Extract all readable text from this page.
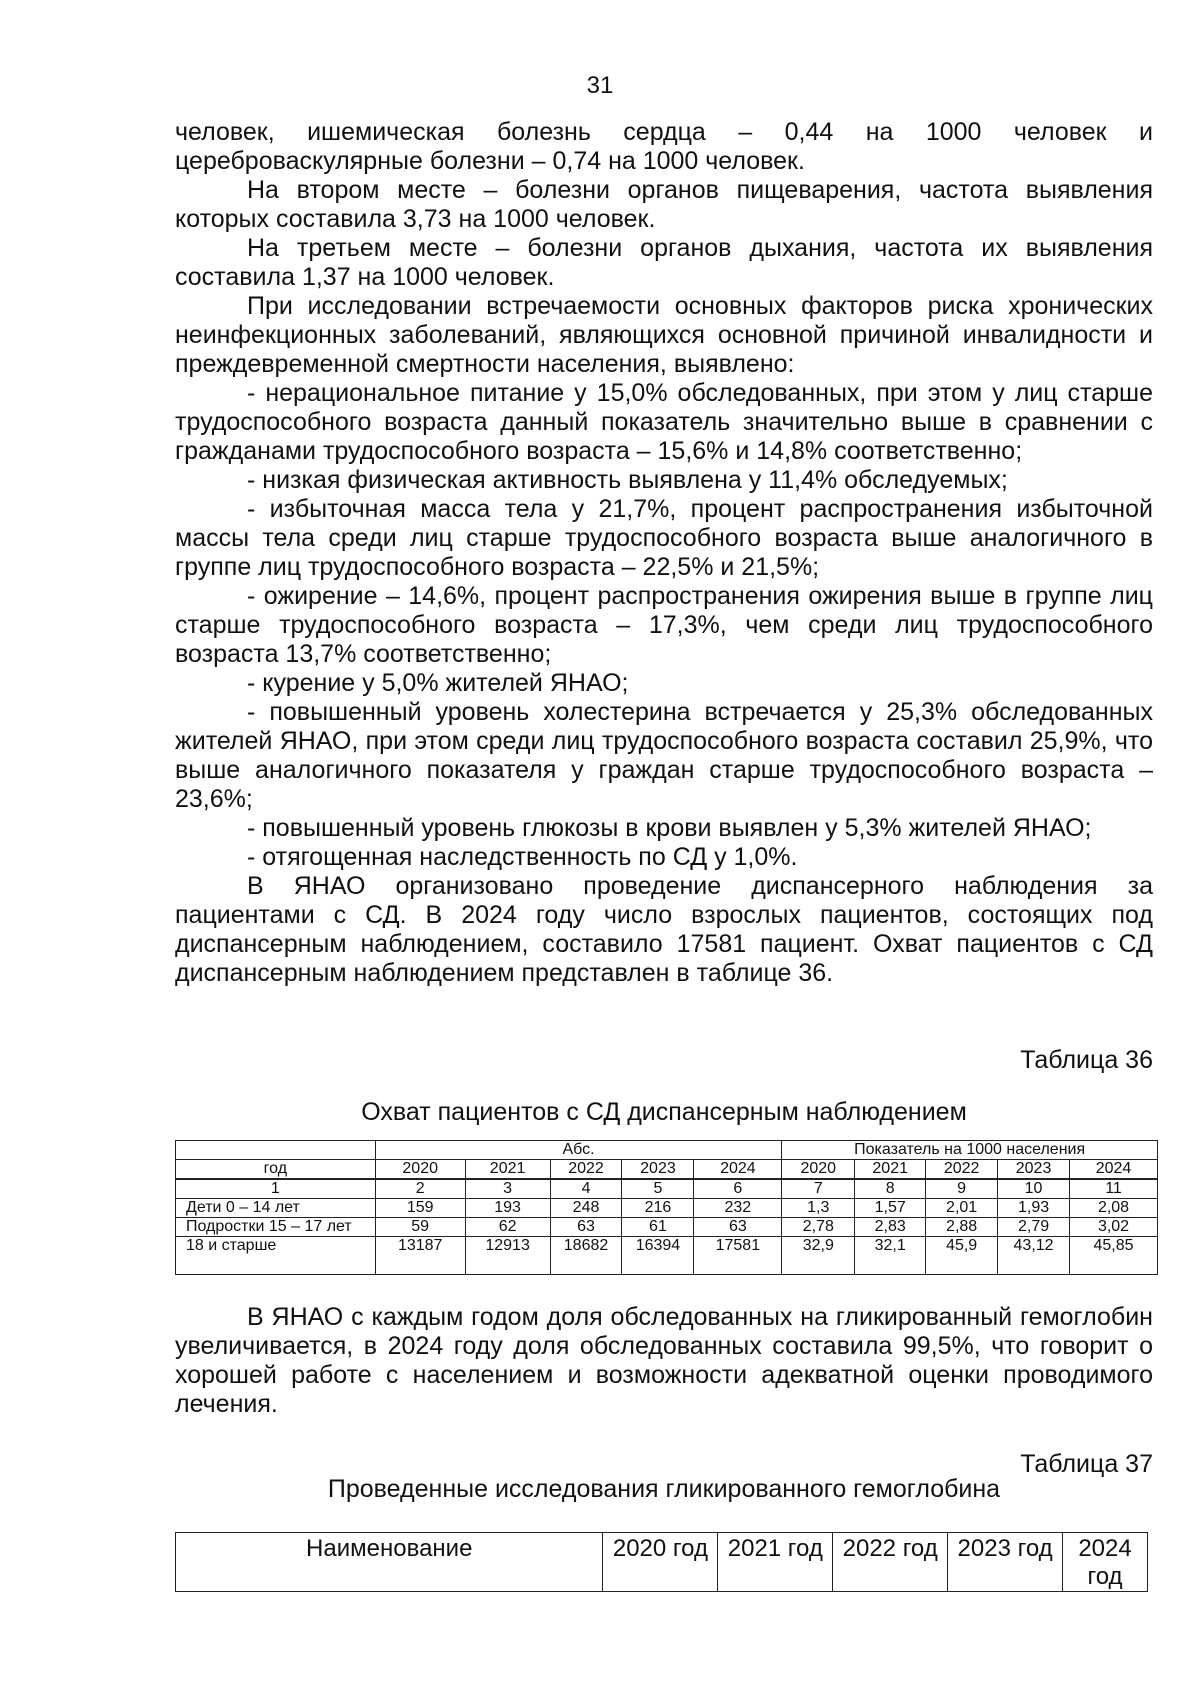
31

человек, ишемическая болезнь сердца – 0,44 на 1000 человек и цереброваскулярные болезни – 0,74 на 1000 человек.

На втором месте – болезни органов пищеварения, частота выявления которых составила 3,73 на 1000 человек.

На третьем месте – болезни органов дыхания, частота их выявления составила 1,37 на 1000 человек.

При исследовании встречаемости основных факторов риска хронических неинфекционных заболеваний, являющихся основной причиной инвалидности и преждевременной смертности населения, выявлено:

- нерациональное питание у 15,0% обследованных, при этом у лиц старше трудоспособного возраста данный показатель значительно выше в сравнении с гражданами трудоспособного возраста – 15,6% и 14,8% соответственно;

- низкая физическая активность выявлена у 11,4% обследуемых;

- избыточная масса тела у 21,7%, процент распространения избыточной массы тела среди лиц старше трудоспособного возраста выше аналогичного в группе лиц трудоспособного возраста – 22,5% и 21,5%;

- ожирение – 14,6%, процент распространения ожирения выше в группе лиц старше трудоспособного возраста – 17,3%, чем среди лиц трудоспособного возраста 13,7% соответственно;

- курение у 5,0% жителей ЯНАО;

- повышенный уровень холестерина встречается у 25,3% обследованных жителей ЯНАО, при этом среди лиц трудоспособного возраста составил 25,9%, что выше аналогичного показателя у граждан старше трудоспособного возраста – 23,6%;

- повышенный уровень глюкозы в крови выявлен у 5,3% жителей ЯНАО;

- отягощенная наследственность по СД у 1,0%.

В ЯНАО организовано проведение диспансерного наблюдения за пациентами с СД. В 2024 году число взрослых пациентов, состоящих под диспансерным наблюдением, составило 17581 пациент. Охват пациентов с СД диспансерным наблюдением представлен в таблице 36.

Таблица 36
Охват пациентов с СД диспансерным наблюдением
	Абс.					Показатель на 1000 населения				
год	2020	2021	2022	2023	2024	2020	2021	2022	2023	2024
1	2	3	4	5	6	7	8	9	10	11
Дети 0 – 14 лет	159	193	248	216	232	1,3	1,57	2,01	1,93	2,08
Подростки 15 – 17 лет	59	62	63	61	63	2,78	2,83	2,88	2,79	3,02
18 и старше	13187	12913	18682	16394	17581	32,9	32,1	45,9	43,12	45,85

В ЯНАО с каждым годом доля обследованных на гликированный гемоглобин увеличивается, в 2024 году доля обследованных составила 99,5%, что говорит о хорошей работе с населением и возможности адекватной оценки проводимого лечения.

Таблица 37
Проведенные исследования гликированного гемоглобина
Наименование	2020 год	2021 год	2022 год	2023 год	2024 год
